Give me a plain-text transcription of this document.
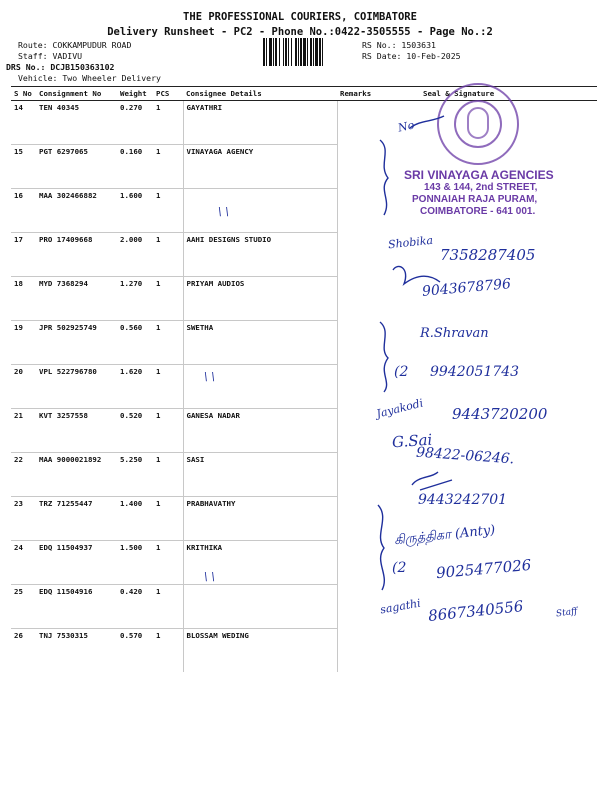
THE PROFESSIONAL COURIERS, COIMBATORE
Delivery Runsheet - PC2 - Phone No.:0422-3505555 - Page No.:2
Route: COKKAMPUDUR ROAD
Staff: VADIVU
DRS No.: DCJB150363102
Vehicle: Two Wheeler Delivery
RS No.: 1503631
RS Date: 10-Feb-2025
S No	Consignment No	Weight	PCS	Consignee Details	Remarks	Seal & Signature
14	TEN 40345	0.270	1	GAYATHRI		
15	PGT 6297065	0.160	1	VINAYAGA AGENCY		
16	MAA 302466882	1.600	1			
17	PRO 17409668	2.000	1	AAHI DESIGNS STUDIO		
18	MYD 7368294	1.270	1	PRIYAM AUDIOS		
19	JPR 502925749	0.560	1	SWETHA		
20	VPL 522796780	1.620	1			
21	KVT 3257558	0.520	1	GANESA NADAR		
22	MAA 9000021892	5.250	1	SASI		
23	TRZ 71255447	1.400	1	PRABHAVATHY		
24	EDQ 11504937	1.500	1	KRITHIKA		
25	EDQ 11504916	0.420	1			
26	TNJ 7530315	0.570	1	BLOSSAM WEDING		
SRI VINAYAGA AGENCIES
143 & 144, 2nd STREET,
PONNAIAH RAJA PURAM,
COIMBATORE - 641 001.
\ \
\ \
\ \
No
Shobika
7358287405
9043678796
R.Shravan
(2 9942051743
Jayakodi 9443720200
G.Sai
98422-06246.
9443242701
கிருத்திகா (Anty)
(2 9025477026
sagathi 8667340556	Staff
